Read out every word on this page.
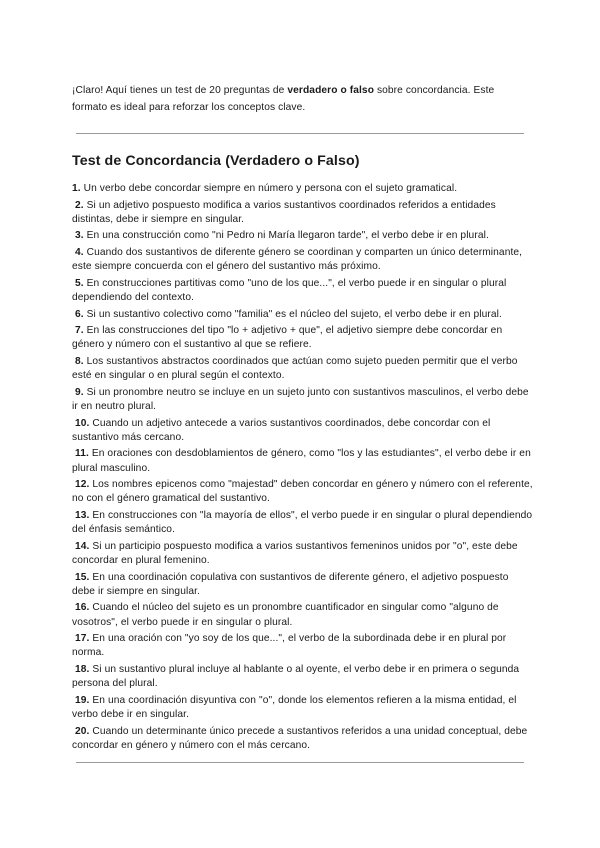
¡Claro! Aquí tienes un test de 20 preguntas de verdadero o falso sobre concordancia. Este formato es ideal para reforzar los conceptos clave.

Test de Concordancia (Verdadero o Falso)
1. Un verbo debe concordar siempre en número y persona con el sujeto gramatical.
2. Si un adjetivo pospuesto modifica a varios sustantivos coordinados referidos a entidades distintas, debe ir siempre en singular.
3. En una construcción como "ni Pedro ni María llegaron tarde", el verbo debe ir en plural.
4. Cuando dos sustantivos de diferente género se coordinan y comparten un único determinante, este siempre concuerda con el género del sustantivo más próximo.
5. En construcciones partitivas como "uno de los que...", el verbo puede ir en singular o plural dependiendo del contexto.
6. Si un sustantivo colectivo como "familia" es el núcleo del sujeto, el verbo debe ir en plural.
7. En las construcciones del tipo "lo + adjetivo + que", el adjetivo siempre debe concordar en género y número con el sustantivo al que se refiere.
8. Los sustantivos abstractos coordinados que actúan como sujeto pueden permitir que el verbo esté en singular o en plural según el contexto.
9. Si un pronombre neutro se incluye en un sujeto junto con sustantivos masculinos, el verbo debe ir en neutro plural.
10. Cuando un adjetivo antecede a varios sustantivos coordinados, debe concordar con el sustantivo más cercano.
11. En oraciones con desdoblamientos de género, como "los y las estudiantes", el verbo debe ir en plural masculino.
12. Los nombres epicenos como "majestad" deben concordar en género y número con el referente, no con el género gramatical del sustantivo.
13. En construcciones con "la mayoría de ellos", el verbo puede ir en singular o plural dependiendo del énfasis semántico.
14. Si un participio pospuesto modifica a varios sustantivos femeninos unidos por "o", este debe concordar en plural femenino.
15. En una coordinación copulativa con sustantivos de diferente género, el adjetivo pospuesto debe ir siempre en singular.
16. Cuando el núcleo del sujeto es un pronombre cuantificador en singular como "alguno de vosotros", el verbo puede ir en singular o plural.
17. En una oración con "yo soy de los que...", el verbo de la subordinada debe ir en plural por norma.
18. Si un sustantivo plural incluye al hablante o al oyente, el verbo debe ir en primera o segunda persona del plural.
19. En una coordinación disyuntiva con "o", donde los elementos refieren a la misma entidad, el verbo debe ir en singular.
20. Cuando un determinante único precede a sustantivos referidos a una unidad conceptual, debe concordar en género y número con el más cercano.
